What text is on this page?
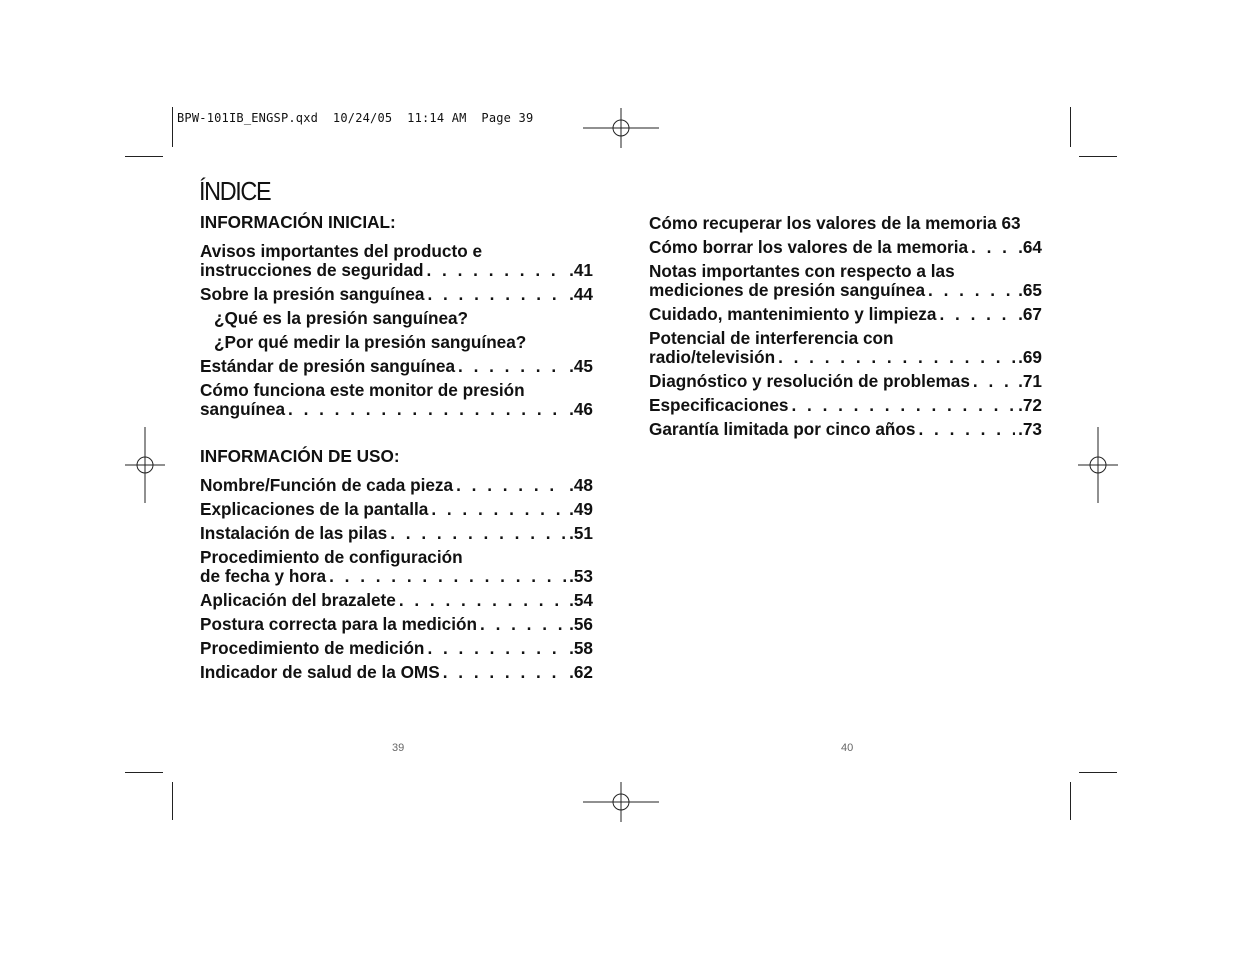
BPW-101IB_ENGSP.qxd  10/24/05  11:14 AM  Page 39
ÍNDICE
INFORMACIÓN INICIAL:
Avisos importantes del producto e
instrucciones de seguridad . . .	.41
Sobre la presión sanguínea . . .	.44
¿Qué es la presión sanguínea?
¿Por qué medir la presión sanguínea?
Estándar de presión sanguínea . . .	.45
Cómo funciona este monitor de presión
sanguínea . . .	.46
INFORMACIÓN DE USO:
Nombre/Función de cada pieza . . .	.48
Explicaciones de la pantalla . . .	.49
Instalación de las pilas . . .	.51
Procedimiento de configuración
de fecha y hora . . .	.53
Aplicación del brazalete . . .	.54
Postura correcta para la medición . . .	.56
Procedimiento de medición . . .	.58
Indicador de salud de la OMS . . .	.62
Cómo recuperar los valores de la memoria 63
Cómo borrar los valores de la memoria . . .	.64
Notas importantes con respecto a las
mediciones de presión sanguínea . . .	.65
Cuidado, mantenimiento y limpieza . . .	.67
Potencial de interferencia con
radio/televisión . . .	.69
Diagnóstico y resolución de problemas . . .	.71
Especificaciones . . .	.72
Garantía limitada por cinco años . . .	.73
39	40
